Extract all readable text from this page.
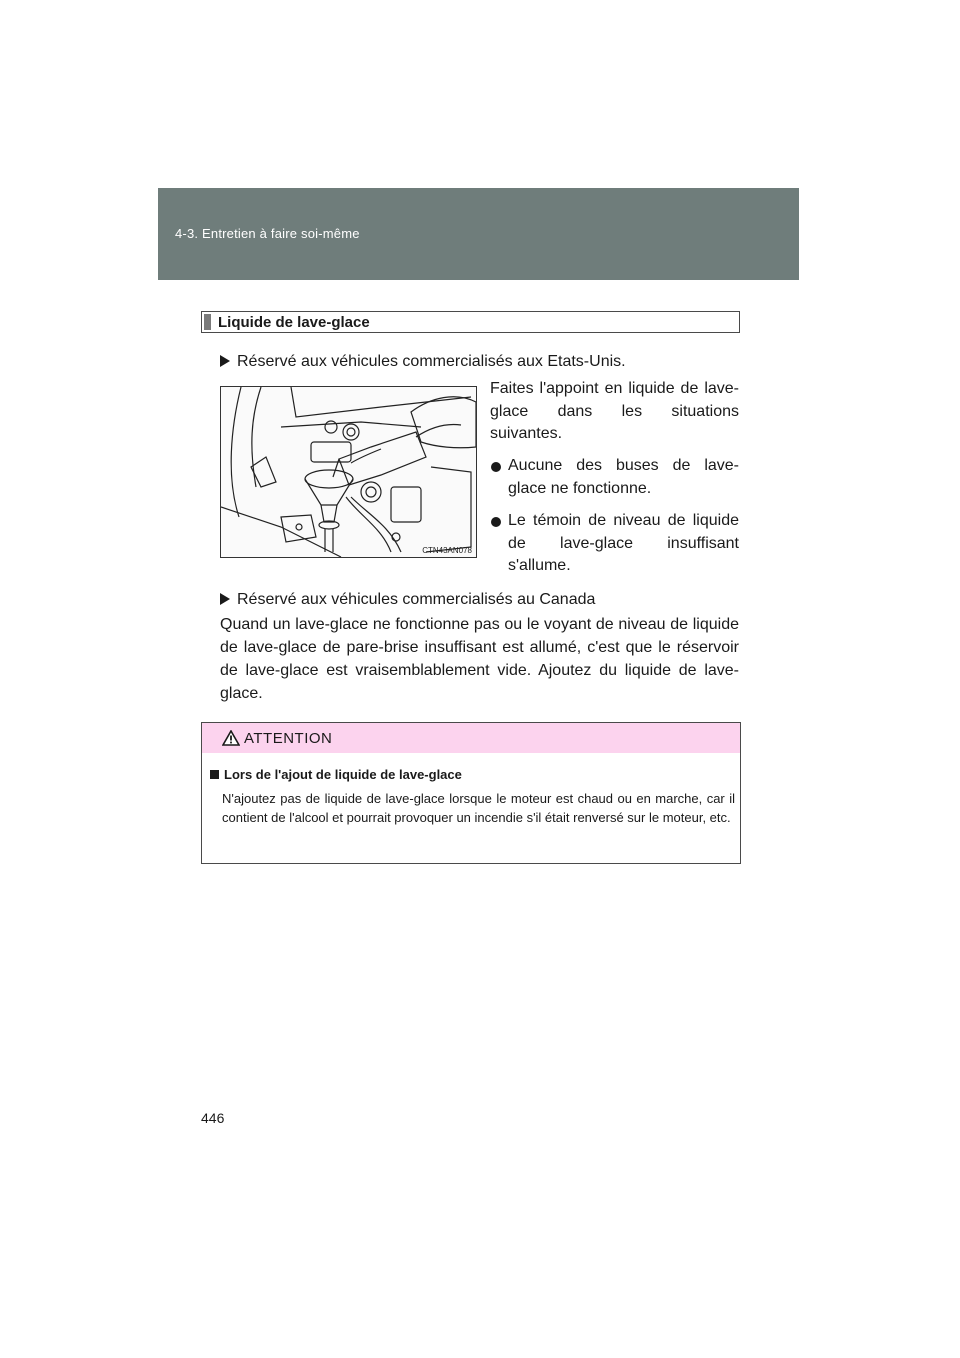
4-3. Entretien à faire soi-même
Liquide de lave-glace
Réservé aux véhicules commercialisés aux Etats-Unis.
CTN43AN078
Faites l'appoint en liquide de lave-glace dans les situations suivantes.
Aucune des buses de lave-glace ne fonctionne.
Le témoin de niveau de liquide de lave-glace insuffisant s'allume.
Réservé aux véhicules commercialisés au Canada
Quand un lave-glace ne fonctionne pas ou le voyant de niveau de liquide de lave-glace de pare-brise insuffisant est allumé, c'est que le réservoir de lave-glace est vraisemblablement vide. Ajoutez du liquide de lave-glace.
ATTENTION
Lors de l'ajout de liquide de lave-glace
N'ajoutez pas de liquide de lave-glace lorsque le moteur est chaud ou en marche, car il contient de l'alcool et pourrait provoquer un incendie s'il était renversé sur le moteur, etc.
446
